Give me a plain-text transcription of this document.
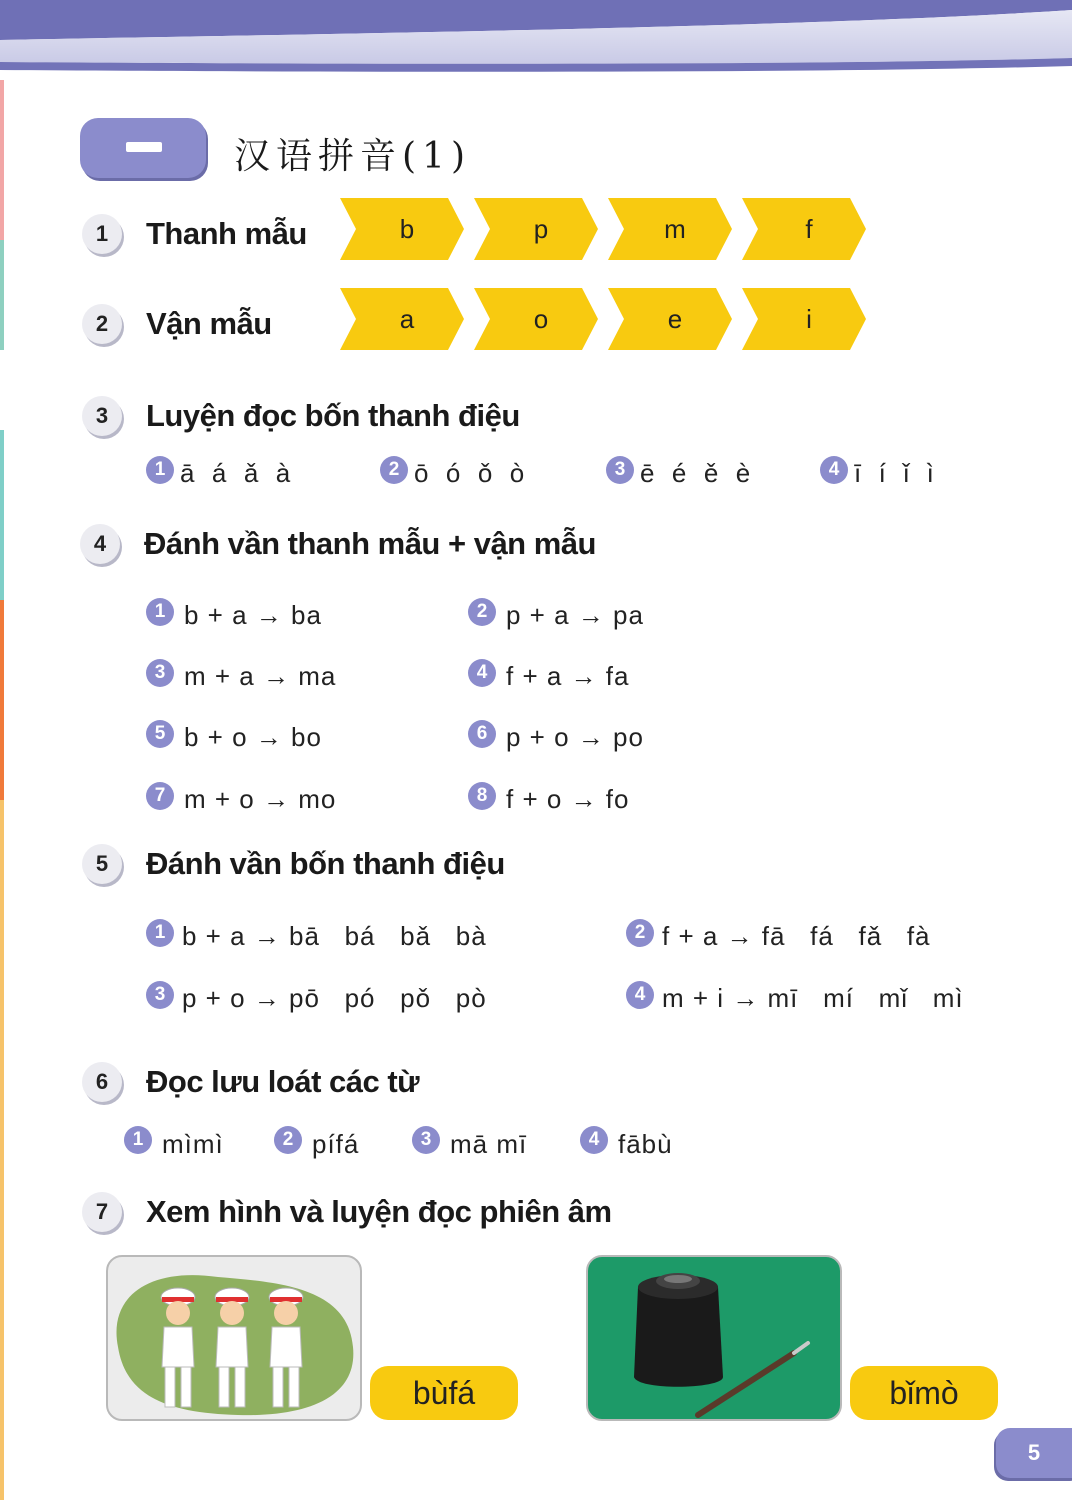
汉语拼音(1)
1	Thanh mẫu	b	p	m	f
2	Vận mẫu	a	o	e	i
3	Luyện đọc bốn thanh điệu
1 ā  á  ǎ  à	2 ō  ó  ǒ  ò	3 ē  é  ě  è	4 ī  í  ǐ  ì
4	Đánh vần thanh mẫu + vận mẫu
1 b + a → ba	2 p + a → pa
3 m + a → ma	4 f + a → fa
5 b + o → bo	6 p + o → po
7 m + o → mo	8 f + o → fo
5	Đánh vần bốn thanh điệu
1 b + a → bā   bá   bǎ   bà	2 f + a → fā   fá   fǎ   fà
3 p + o → pō   pó   pǒ   pò	4 m + i → mī   mí   mǐ   mì
6	Đọc lưu loát các từ
1 mìmì	2 pífá	3 mā mī	4 fābù
7	Xem hình và luyện đọc phiên âm
bùfá	bǐmò
5
